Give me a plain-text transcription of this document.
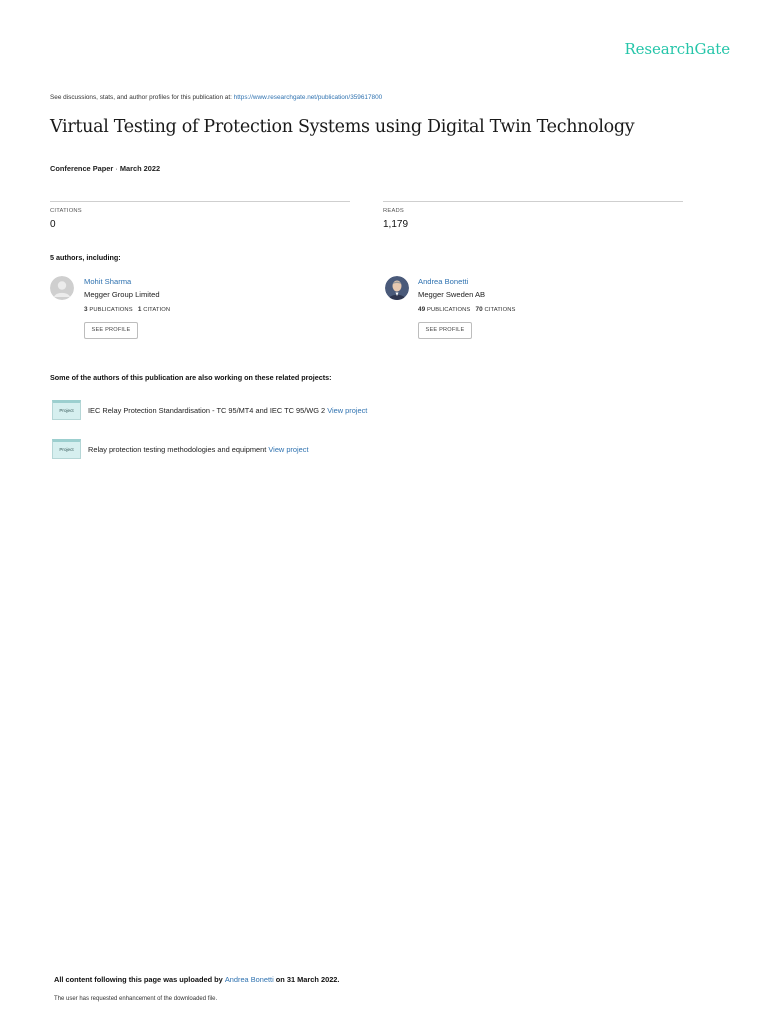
ResearchGate
See discussions, stats, and author profiles for this publication at: https://www.researchgate.net/publication/359617800
Virtual Testing of Protection Systems using Digital Twin Technology
Conference Paper · March 2022
CITATIONS
0
READS
1,179
5 authors, including:
Mohit Sharma
Megger Group Limited
3 PUBLICATIONS 1 CITATION
SEE PROFILE
Andrea Bonetti
Megger Sweden AB
49 PUBLICATIONS 70 CITATIONS
SEE PROFILE
Some of the authors of this publication are also working on these related projects:
Project	IEC Relay Protection Standardisation - TC 95/MT4 and IEC TC 95/WG 2 View project
Project	Relay protection testing methodologies and equipment View project
All content following this page was uploaded by Andrea Bonetti on 31 March 2022.
The user has requested enhancement of the downloaded file.
